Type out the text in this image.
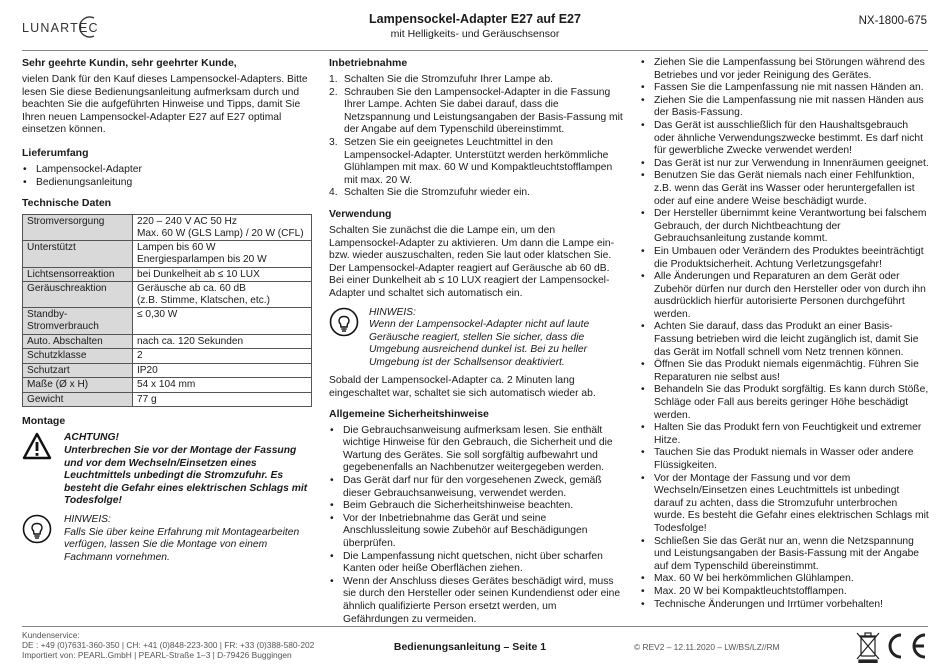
LUNARTEC
Lampensockel-Adapter E27 auf E27
mit Helligkeits- und Geräuschsensor
NX-1800-675
Sehr geehrte Kundin, sehr geehrter Kunde,

vielen Dank für den Kauf dieses Lampensockel-Adapters. Bitte lesen Sie diese Bedienungsanleitung aufmerksam durch und beachten Sie die aufgeführten Hinweise und Tipps, damit Sie Ihren neuen Lampensockel-Adapter E27 auf E27 optimal einsetzen können.

Lieferumfang
• Lampensockel-Adapter
• Bedienungsanleitung
Technische Daten
Stromversorgung	220 – 240 V AC 50 Hz
Max. 60 W (GLS Lamp) / 20 W (CFL)
Unterstützt	Lampen bis 60 W
Energiesparlampen bis 20 W
Lichtsensorreaktion	bei Dunkelheit ab ≤ 10 LUX
Geräuschreaktion	Geräusche ab ca. 60 dB
(z.B. Stimme, Klatschen, etc.)
Standby-
Stromverbrauch	≤ 0,30 W
Auto. Abschalten	nach ca. 120 Sekunden
Schutzklasse	2
Schutzart	IP20
Maße (Ø x H)	54 x 104 mm
Gewicht	77 g
Montage
ACHTUNG!
Unterbrechen Sie vor der Montage der Fassung und vor dem Wechseln/Einsetzen eines Leuchtmittels unbedingt die Stromzufuhr. Es besteht die Gefahr eines elektrischen Schlags mit Todesfolge!
HINWEIS:
Falls Sie über keine Erfahrung mit Montagearbeiten verfügen, lassen Sie die Montage von einem Fachmann vornehmen.
Inbetriebnahme
1. Schalten Sie die Stromzufuhr Ihrer Lampe ab.
2. Schrauben Sie den Lampensockel-Adapter in die Fassung Ihrer Lampe. Achten Sie dabei darauf, dass die Netzspannung und Leistungsangaben der Basis-Fassung mit der Angabe auf dem Typenschild übereinstimmt.
3. Setzen Sie ein geeignetes Leuchtmittel in den Lampensockel-Adapter. Unterstützt werden herkömmliche Glühlampen mit max. 60 W und Kompaktleuchtstofflampen mit max. 20 W.
4. Schalten Sie die Stromzufuhr wieder ein.
Verwendung

Schalten Sie zunächst die die Lampe ein, um den Lampensockel-Adapter zu aktivieren. Um dann die Lampe ein- bzw. wieder auszuschalten, reden Sie laut oder klatschen Sie. Der Lampensockel-Adapter reagiert auf Geräusche ab 60 dB. Bei einer Dunkelheit ab ≤ 10 LUX reagiert der Lampensockel-Adapter und schaltet sich automatisch ein.

HINWEIS:
Wenn der Lampensockel-Adapter nicht auf laute Geräusche reagiert, stellen Sie sicher, dass die Umgebung ausreichend dunkel ist. Bei zu heller Umgebung ist der Schallsensor deaktiviert.

Sobald der Lampensockel-Adapter ca. 2 Minuten lang eingeschaltet war, schaltet sie sich automatisch wieder ab.

Allgemeine Sicherheitshinweise
• Die Gebrauchsanweisung aufmerksam lesen. Sie enthält wichtige Hinweise für den Gebrauch, die Sicherheit und die Wartung des Gerätes. Sie soll sorgfältig aufbewahrt und gegebenenfalls an Nachbenutzer weitergegeben werden.
• Das Gerät darf nur für den vorgesehenen Zweck, gemäß dieser Gebrauchsanweisung, verwendet werden.
• Beim Gebrauch die Sicherheitshinweise beachten.
• Vor der Inbetriebnahme das Gerät und seine Anschlussleitung sowie Zubehör auf Beschädigungen überprüfen.
• Die Lampenfassung nicht quetschen, nicht über scharfen Kanten oder heiße Oberflächen ziehen.
• Wenn der Anschluss dieses Gerätes beschädigt wird, muss sie durch den Hersteller oder seinen Kundendienst oder eine ähnlich qualifizierte Person ersetzt werden, um Gefährdungen zu vermeiden.
• Ziehen Sie die Lampenfassung bei Störungen während des Betriebes und vor jeder Reinigung des Gerätes.
• Fassen Sie die Lampenfassung nie mit nassen Händen an.
• Ziehen Sie die Lampenfassung nie mit nassen Händen aus der Basis-Fassung.
• Das Gerät ist ausschließlich für den Haushaltsgebrauch oder ähnliche Verwendungszwecke bestimmt. Es darf nicht für gewerbliche Zwecke verwendet werden!
• Das Gerät ist nur zur Verwendung in Innenräumen geeignet.
• Benutzen Sie das Gerät niemals nach einer Fehlfunktion, z.B. wenn das Gerät ins Wasser oder heruntergefallen ist oder auf eine andere Weise beschädigt wurde.
• Der Hersteller übernimmt keine Verantwortung bei falschem Gebrauch, der durch Nichtbeachtung der Gebrauchsanleitung zustande kommt.
• Ein Umbauen oder Verändern des Produktes beeinträchtigt die Produktsicherheit. Achtung Verletzungsgefahr!
• Alle Änderungen und Reparaturen an dem Gerät oder Zubehör dürfen nur durch den Hersteller oder von durch ihn ausdrücklich hierfür autorisierte Personen durchgeführt werden.
• Achten Sie darauf, dass das Produkt an einer Basis-Fassung betrieben wird die leicht zugänglich ist, damit Sie das Gerät im Notfall schnell vom Netz trennen können.
• Öffnen Sie das Produkt niemals eigenmächtig. Führen Sie Reparaturen nie selbst aus!
• Behandeln Sie das Produkt sorgfältig. Es kann durch Stöße, Schläge oder Fall aus bereits geringer Höhe beschädigt werden.
• Halten Sie das Produkt fern von Feuchtigkeit und extremer Hitze.
• Tauchen Sie das Produkt niemals in Wasser oder andere Flüssigkeiten.
• Vor der Montage der Fassung und vor dem Wechseln/Einsetzen eines Leuchtmittels ist unbedingt darauf zu achten, dass die Stromzufuhr unterbrochen wurde. Es besteht die Gefahr eines elektrischen Schlags mit Todesfolge!
• Schließen Sie das Gerät nur an, wenn die Netzspannung und Leistungsangaben der Basis-Fassung mit der Angabe auf dem Typenschild übereinstimmt.
• Max. 60 W bei herkömmlichen Glühlampen.
• Max. 20 W bei Kompaktleuchtstofflampen.
• Technische Änderungen und Irrtümer vorbehalten!
Kundenservice:
DE : +49 (0)7631-360-350 | CH: +41 (0)848-223-300 | FR: +33 (0)388-580-202
Importiert von: PEARL.GmbH | PEARL-Straße 1–3 | D-79426 Buggingen
Bedienungsanleitung – Seite 1	© REV2 – 12.11.2020 – LW/BS/LZ//RM
